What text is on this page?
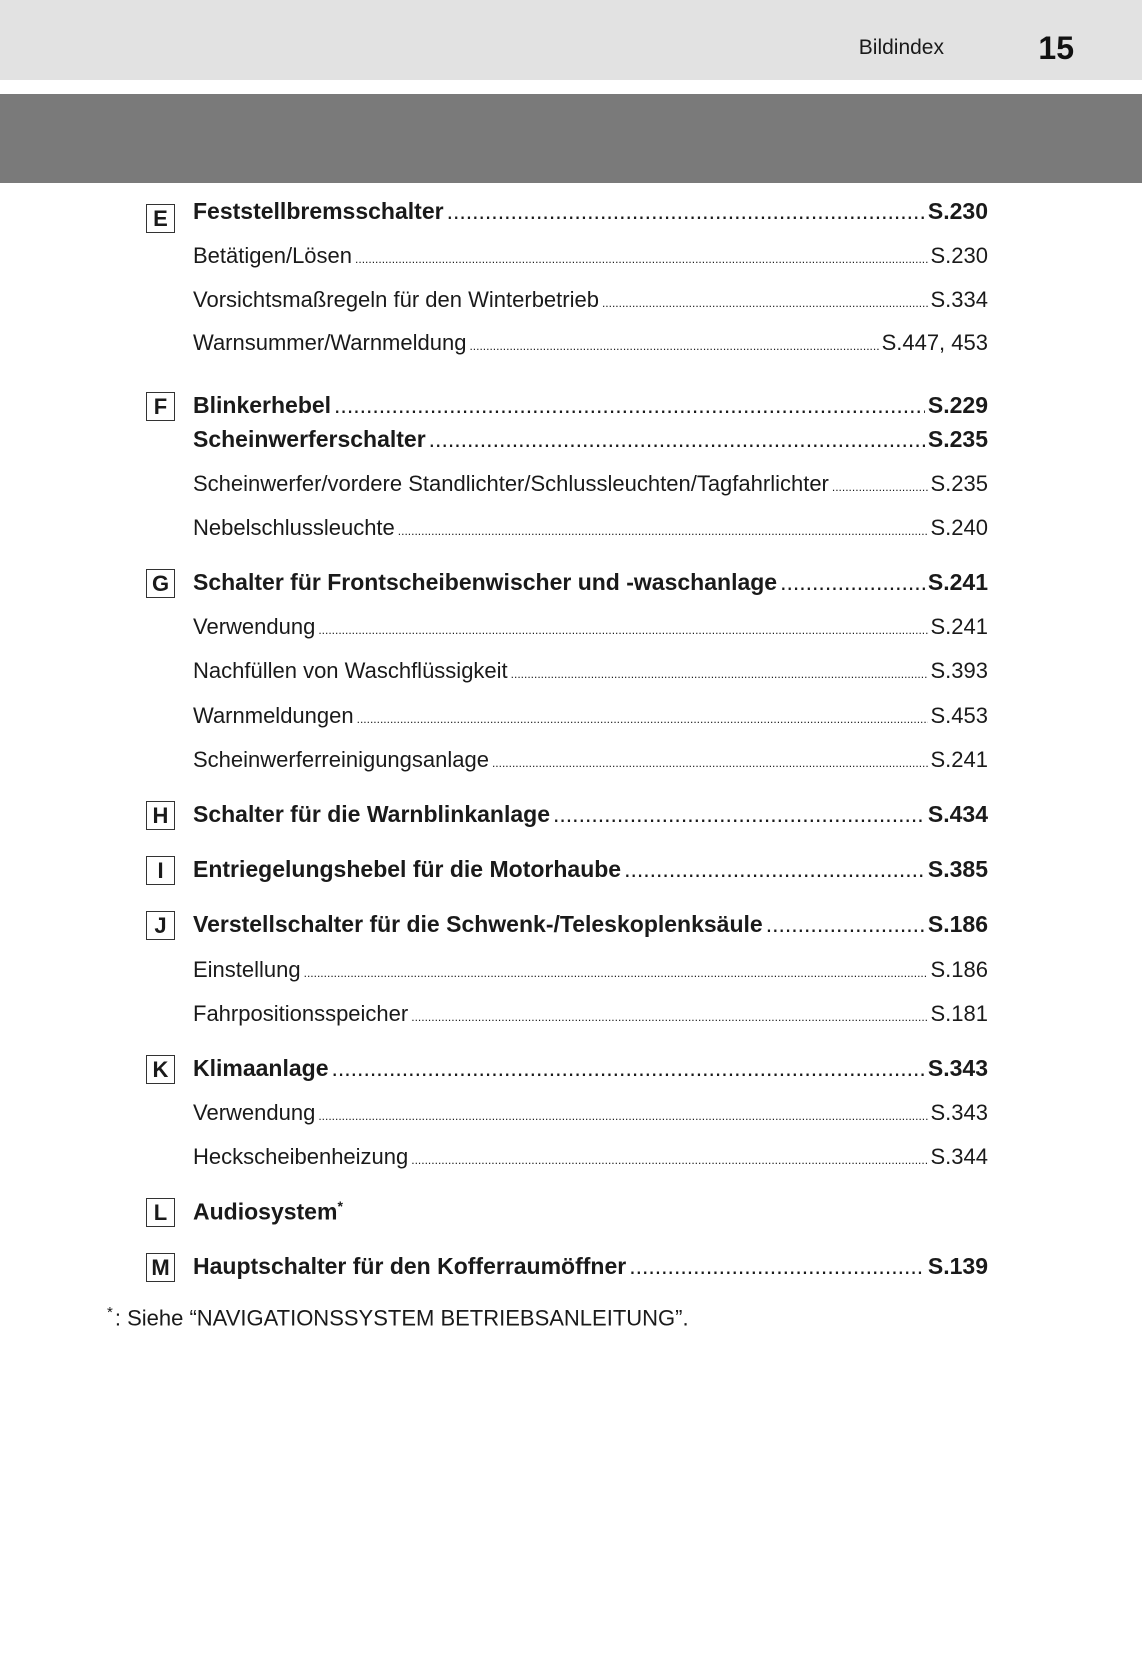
Bildindex	15
E	Feststellbremsschalter .....	S.230
Betätigen/Lösen .....	S.230
Vorsichtsmaßregeln für den Winterbetrieb .....	S.334
Warnsummer/Warnmeldung .....	S.447, 453
F	Blinkerhebel .....	S.229
Scheinwerferschalter .....	S.235
Scheinwerfer/vordere Standlichter/Schlussleuchten/Tagfahrlichter .....	S.235
Nebelschlussleuchte .....	S.240
G Schalter für Frontscheibenwischer und -waschanlage .....	S.241
Verwendung .....	S.241
Nachfüllen von Waschflüssigkeit .....	S.393
Warnmeldungen .....	S.453
Scheinwerferreinigungsanlage .....	S.241
H Schalter für die Warnblinkanlage .....	S.434
I	Entriegelungshebel für die Motorhaube .....	S.385
J	Verstellschalter für die Schwenk-/Teleskoplenksäule .....	S.186
Einstellung .....	S.186
Fahrpositionsspeicher .....	S.181
K Klimaanlage .....	S.343
Verwendung .....	S.343
Heckscheibenheizung .....	S.344
L	Audiosystem*
M Hauptschalter für den Kofferraumöffner .....	S.139
*: Siehe “NAVIGATIONSSYSTEM BETRIEBSANLEITUNG”.
